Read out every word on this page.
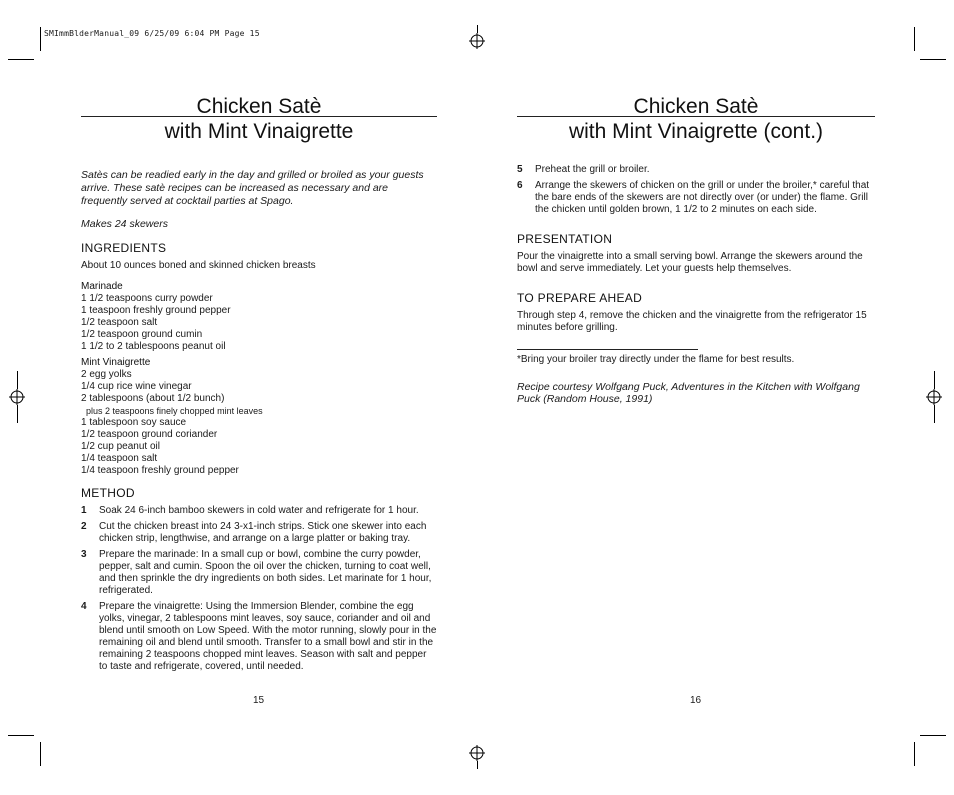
SMImmBlderManual_09 6/25/09 6:04 PM Page 15
Chicken Satè
with Mint Vinaigrette
Satès can be readied early in the day and grilled or broiled as your guests arrive. These satè recipes can be increased as necessary and are frequently served at cocktail parties at Spago.
Makes 24 skewers
INGREDIENTS
About 10 ounces boned and skinned chicken breasts
Marinade
1 1/2 teaspoons curry powder
1 teaspoon freshly ground pepper
1/2 teaspoon salt
1/2 teaspoon ground cumin
1 1/2 to 2 tablespoons peanut oil
Mint Vinaigrette
2 egg yolks
1/4 cup rice wine vinegar
2 tablespoons (about 1/2 bunch)
plus 2 teaspoons finely chopped mint leaves
1 tablespoon soy sauce
1/2 teaspoon ground coriander
1/2 cup peanut oil
1/4 teaspoon salt
1/4 teaspoon freshly ground pepper
METHOD
1	Soak 24 6-inch bamboo skewers in cold water and refrigerate for 1 hour.
2	Cut the chicken breast into 24 3-x1-inch strips. Stick one skewer into each chicken strip, lengthwise, and arrange on a large platter or baking tray.
3	Prepare the marinade: In a small cup or bowl, combine the curry powder, pepper, salt and cumin. Spoon the oil over the chicken, turning to coat well, and then sprinkle the dry ingredients on both sides. Let marinate for 1 hour, refrigerated.
4	Prepare the vinaigrette: Using the Immersion Blender, combine the egg yolks, vinegar, 2 tablespoons mint leaves, soy sauce, coriander and oil and blend until smooth on Low Speed. With the motor running, slowly pour in the remaining oil and blend until smooth. Transfer to a small bowl and stir in the remaining 2 teaspoons chopped mint leaves. Season with salt and pepper to taste and refrigerate, covered, until needed.
15
Chicken Satè
with Mint Vinaigrette (cont.)
5	Preheat the grill or broiler.
6	Arrange the skewers of chicken on the grill or under the broiler,* careful that the bare ends of the skewers are not directly over (or under) the flame. Grill the chicken until golden brown, 1 1/2 to 2 minutes on each side.
PRESENTATION
Pour the vinaigrette into a small serving bowl. Arrange the skewers around the bowl and serve immediately. Let your guests help themselves.
TO PREPARE AHEAD
Through step 4, remove the chicken and the vinaigrette from the refrigerator 15 minutes before grilling.
*Bring your broiler tray directly under the flame for best results.
Recipe courtesy Wolfgang Puck, Adventures in the Kitchen with Wolfgang Puck (Random House, 1991)
16
